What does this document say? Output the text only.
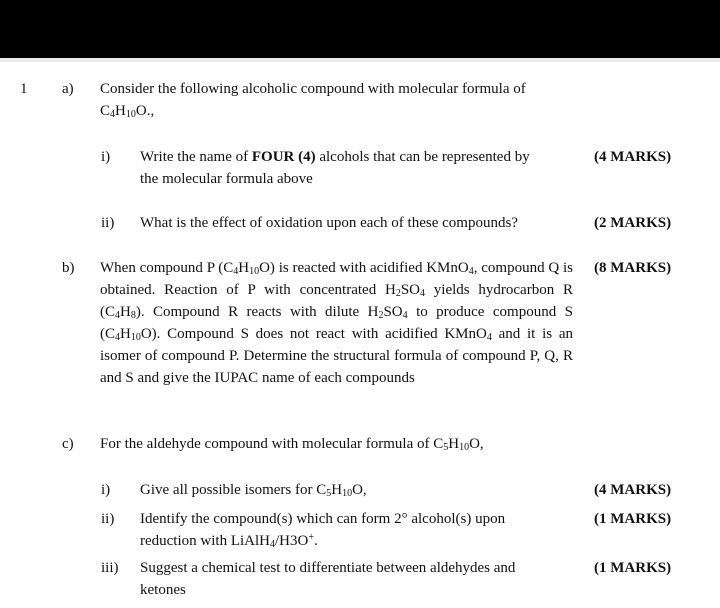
1 a) Consider the following alcoholic compound with molecular formula of
$C_4H_{10}O$.,
i) Write the name of FOUR (4) alcohols that can be represented by
the molecular formula above
(4 MARKS)
ii) What is the effect of oxidation upon each of these compounds?	(2 MARKS)
b) When compound P $(C_4H_{10}O)$ is reacted with acidified KMnO$_4$, compound Q is obtained. Reaction of P with concentrated $H_2SO_4$ yields hydrocarbon R $(C_4H_8)$. Compound R reacts with dilute $H_2SO_4$ to produce compound S $(C_4H_{10}O)$. Compound S does not react with acidified KMnO$_4$ and it is an isomer of compound P. Determine the structural formula of compound P, Q, R and S and give the IUPAC name of each compounds
(8 MARKS)
c) For the aldehyde compound with molecular formula of $C_5H_{10}O$,
i) Give all possible isomers for $C_5H_{10}O$,	(4 MARKS)
ii) Identify the compound(s) which can form 2° alcohol(s) upon
reduction with LiAlH$_4$/H3O+.
(1 MARKS)
iii) Suggest a chemical test to differentiate between aldehydes and
ketones
(1 MARKS)
